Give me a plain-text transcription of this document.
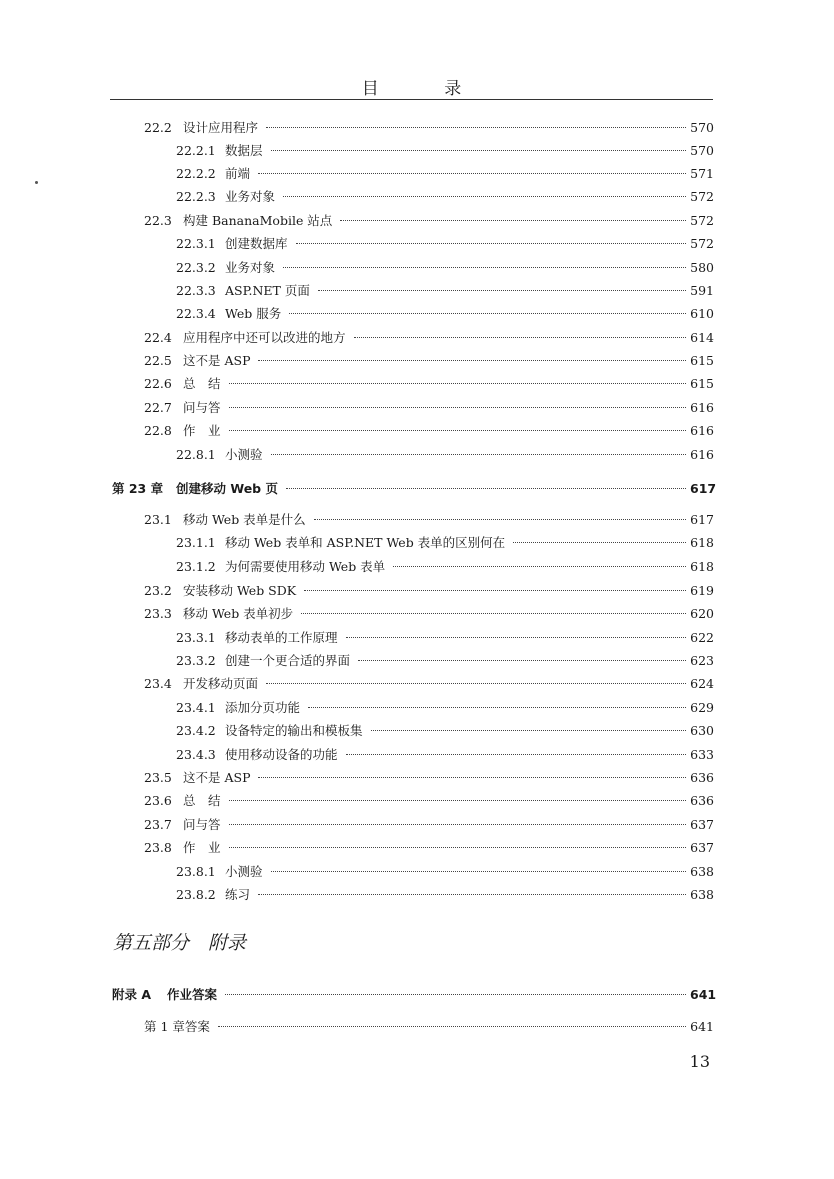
目 录
22.2 设计应用程序	570
22.2.1 数据层	570
22.2.2 前端	571
22.2.3 业务对象	572
22.3 构建 BananaMobile 站点	572
22.3.1 创建数据库	572
22.3.2 业务对象	580
22.3.3 ASP.NET 页面	591
22.3.4 Web 服务	610
22.4 应用程序中还可以改进的地方	614
22.5 这不是 ASP	615
22.6 总　结	615
22.7 问与答	616
22.8 作　业	616
22.8.1 小测验	616
第 23 章 创建移动 Web 页	617
23.1 移动 Web 表单是什么	617
23.1.1 移动 Web 表单和 ASP.NET Web 表单的区别何在	618
23.1.2 为何需要使用移动 Web 表单	618
23.2 安装移动 Web SDK	619
23.3 移动 Web 表单初步	620
23.3.1 移动表单的工作原理	622
23.3.2 创建一个更合适的界面	623
23.4 开发移动页面	624
23.4.1 添加分页功能	629
23.4.2 设备特定的输出和模板集	630
23.4.3 使用移动设备的功能	633
23.5 这不是 ASP	636
23.6 总　结	636
23.7 问与答	637
23.8 作　业	637
23.8.1 小测验	638
23.8.2 练习	638
附录 A 作业答案	641
第 1 章答案	641
第五部分　附录
13
